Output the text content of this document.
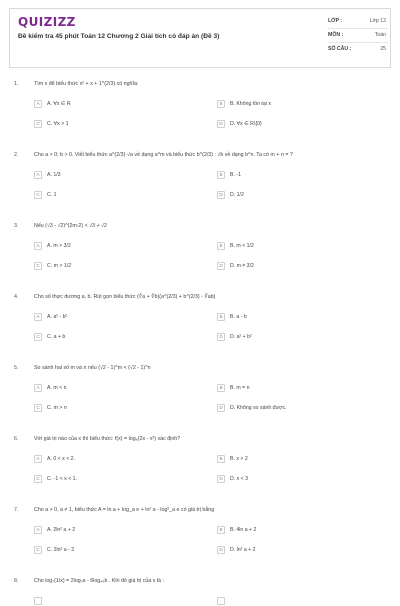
QUIZIZZ
Đề kiểm tra 45 phút Toán 12 Chương 2 Giải tích có đáp án (Đề 3)
LỚP :	Lớp 12
MÔN :	Toán
SỐ CÂU :	25
1.	Tìm x để biểu thức x² + x + 1^(2/3) có nghĩa:
A	A. ∀x ∈ R	B	B. Không tồn tại x
C	C. ∀x > 1	D	D. ∀x ∈ R\{0}
2.	Cho a > 0; b > 0. Viết biểu thức a^(2/3)·√a về dạng a^m và biểu thức b^(2/3) : √b về dạng b^n. Ta có m + n = ?
A	A. 1/3	B	B. -1
C	C. 1	D	D. 1/2
3.	Nếu (√3 - √2)^(2m-2) < √3 + √2
A	A. m > 3/2	B	B. m < 1/2
C	C. m > 1/2	D	D. m ≠ 3/2
4.	Cho số thực dương a, b. Rút gọn biểu thức (∛a + ∛b)(a^(2/3) + b^(2/3) - ∛ab)
A	A. a² - b²	B	B. a - b
C	C. a + b	D	D. a² + b²
5.	So sánh hai số m và n nếu (√2 - 1)^m < (√2 - 1)^n
A	A. m < n	B	B. m = n
C	C. m > n	D	D. Không so sánh được.
6.	Với giá trị nào của x thì biểu thức: f(x) = log₆(2x - x²) xác định?
A	A. 0 < x < 2.	B	B. x > 2
C	C. -1 < x < 1.	D	D. x < 3
7.	Cho a > 0, a ≠ 1, biểu thức A = ln a + log_a e + ln² a - log²_a e có giá trị bằng
A	A. 2ln² a + 2	B	B. 4ln a + 2
C	C. 2ln² a - 2	D	D. ln² a + 2
8.	Cho log₇(1/x) = 2log₇a - 6log₄₉b . Khi đó giá trị của x là :
